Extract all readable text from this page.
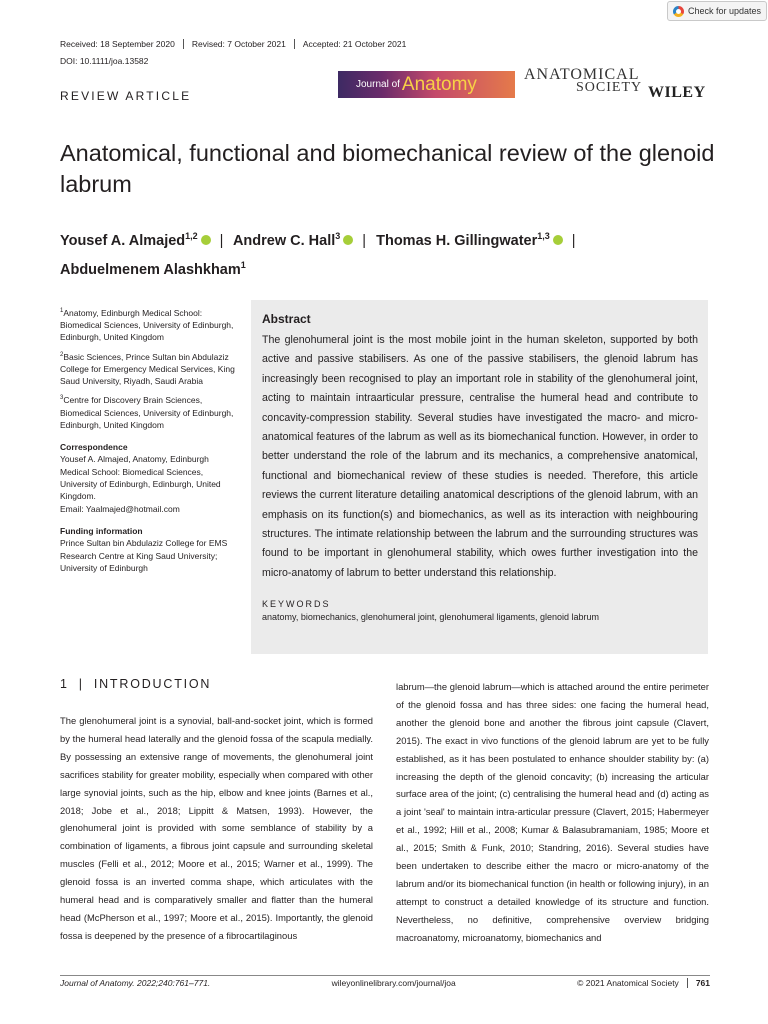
Check for updates
Received: 18 September 2020	Revised: 7 October 2021	Accepted: 21 October 2021
DOI: 10.1111/joa.13582
REVIEW ARTICLE
Journal of Anatomy	ANATOMICAL
SOCIETY WILEY
Anatomical, functional and biomechanical review of the glenoid labrum
Yousef A. Almajed$^{1,2}$ | Andrew C. Hall$^3$ | Thomas H. Gillingwater$^{1,3}$ |
Abduelmenem Alashkham$^1$
$^1$Anatomy, Edinburgh Medical School: Biomedical Sciences, University of Edinburgh, Edinburgh, United Kingdom
$^2$Basic Sciences, Prince Sultan bin Abdulaziz College for Emergency Medical Services, King Saud University, Riyadh, Saudi Arabia
$^3$Centre for Discovery Brain Sciences, Biomedical Sciences, University of Edinburgh, Edinburgh, United Kingdom
Correspondence
Yousef A. Almajed, Anatomy, Edinburgh Medical School: Biomedical Sciences, University of Edinburgh, Edinburgh, United Kingdom.
Email: Yaalmajed@hotmail.com
Funding information
Prince Sultan bin Abdulaziz College for EMS Research Centre at King Saud University; University of Edinburgh
Abstract

The glenohumeral joint is the most mobile joint in the human skeleton, supported by both active and passive stabilisers. As one of the passive stabilisers, the glenoid labrum has increasingly been recognised to play an important role in stability of the glenohumeral joint, acting to maintain intraarticular pressure, centralise the humeral head and contribute to concavity-compression stability. Several studies have investigated the macro- and micro-anatomical features of the labrum as well as its biomechanical function. However, in order to better understand the role of the labrum and its mechanics, a comprehensive anatomical, functional and biomechanical review of these studies is needed. Therefore, this article reviews the current literature detailing anatomical descriptions of the glenoid labrum, with an emphasis on its function(s) and biomechanics, as well as its interaction with neighbouring structures. The intimate relationship between the labrum and the surrounding structures was found to be important in glenohumeral stability, which owes further investigation into the micro-anatomy of labrum to better understand this relationship.

KEYWORDS
anatomy, biomechanics, glenohumeral joint, glenohumeral ligaments, glenoid labrum
1 | INTRODUCTION
The glenohumeral joint is a synovial, ball-and-socket joint, which is formed by the humeral head laterally and the glenoid fossa of the scapula medially. By possessing an extensive range of movements, the glenohumeral joint sacrifices stability for greater mobility, especially when compared with other large synovial joints, such as the hip, elbow and knee joints (Barnes et al., 2018; Jobe et al., 2018; Lippitt & Matsen, 1993). However, the glenohumeral joint is provided with some semblance of stability by a combination of ligaments, a fibrous joint capsule and surrounding skeletal muscles (Felli et al., 2012; Moore et al., 2015; Warner et al., 1999). The glenoid fossa is an inverted comma shape, which articulates with the humeral head and is comparatively smaller and flatter than the humeral head (McPherson et al., 1997; Moore et al., 2015). Importantly, the glenoid fossa is deepened by the presence of a fibrocartilaginous
labrum—the glenoid labrum—which is attached around the entire perimeter of the glenoid fossa and has three sides: one facing the humeral head, another the glenoid bone and another the fibrous joint capsule (Clavert, 2015). The exact in vivo functions of the glenoid labrum are yet to be fully established, as it has been postulated to enhance shoulder stability by: (a) increasing the depth of the glenoid concavity; (b) increasing the articular surface area of the joint; (c) centralising the humeral head and (d) acting as a joint 'seal' to maintain intra-articular pressure (Clavert, 2015; Habermeyer et al., 1992; Hill et al., 2008; Kumar & Balasubramaniam, 1985; Moore et al., 2015; Smith & Funk, 2010; Standring, 2016). Several studies have been undertaken to describe either the macro or micro-anatomy of the labrum and/or its biomechanical function (in health or following injury), in an attempt to construct a detailed knowledge of its structure and function. Nevertheless, no definitive, comprehensive overview bridging macroanatomy, microanatomy, biomechanics and
Journal of Anatomy. 2022;240:761–771.	wileyonlinelibrary.com/journal/joa	© 2021 Anatomical Society 761
